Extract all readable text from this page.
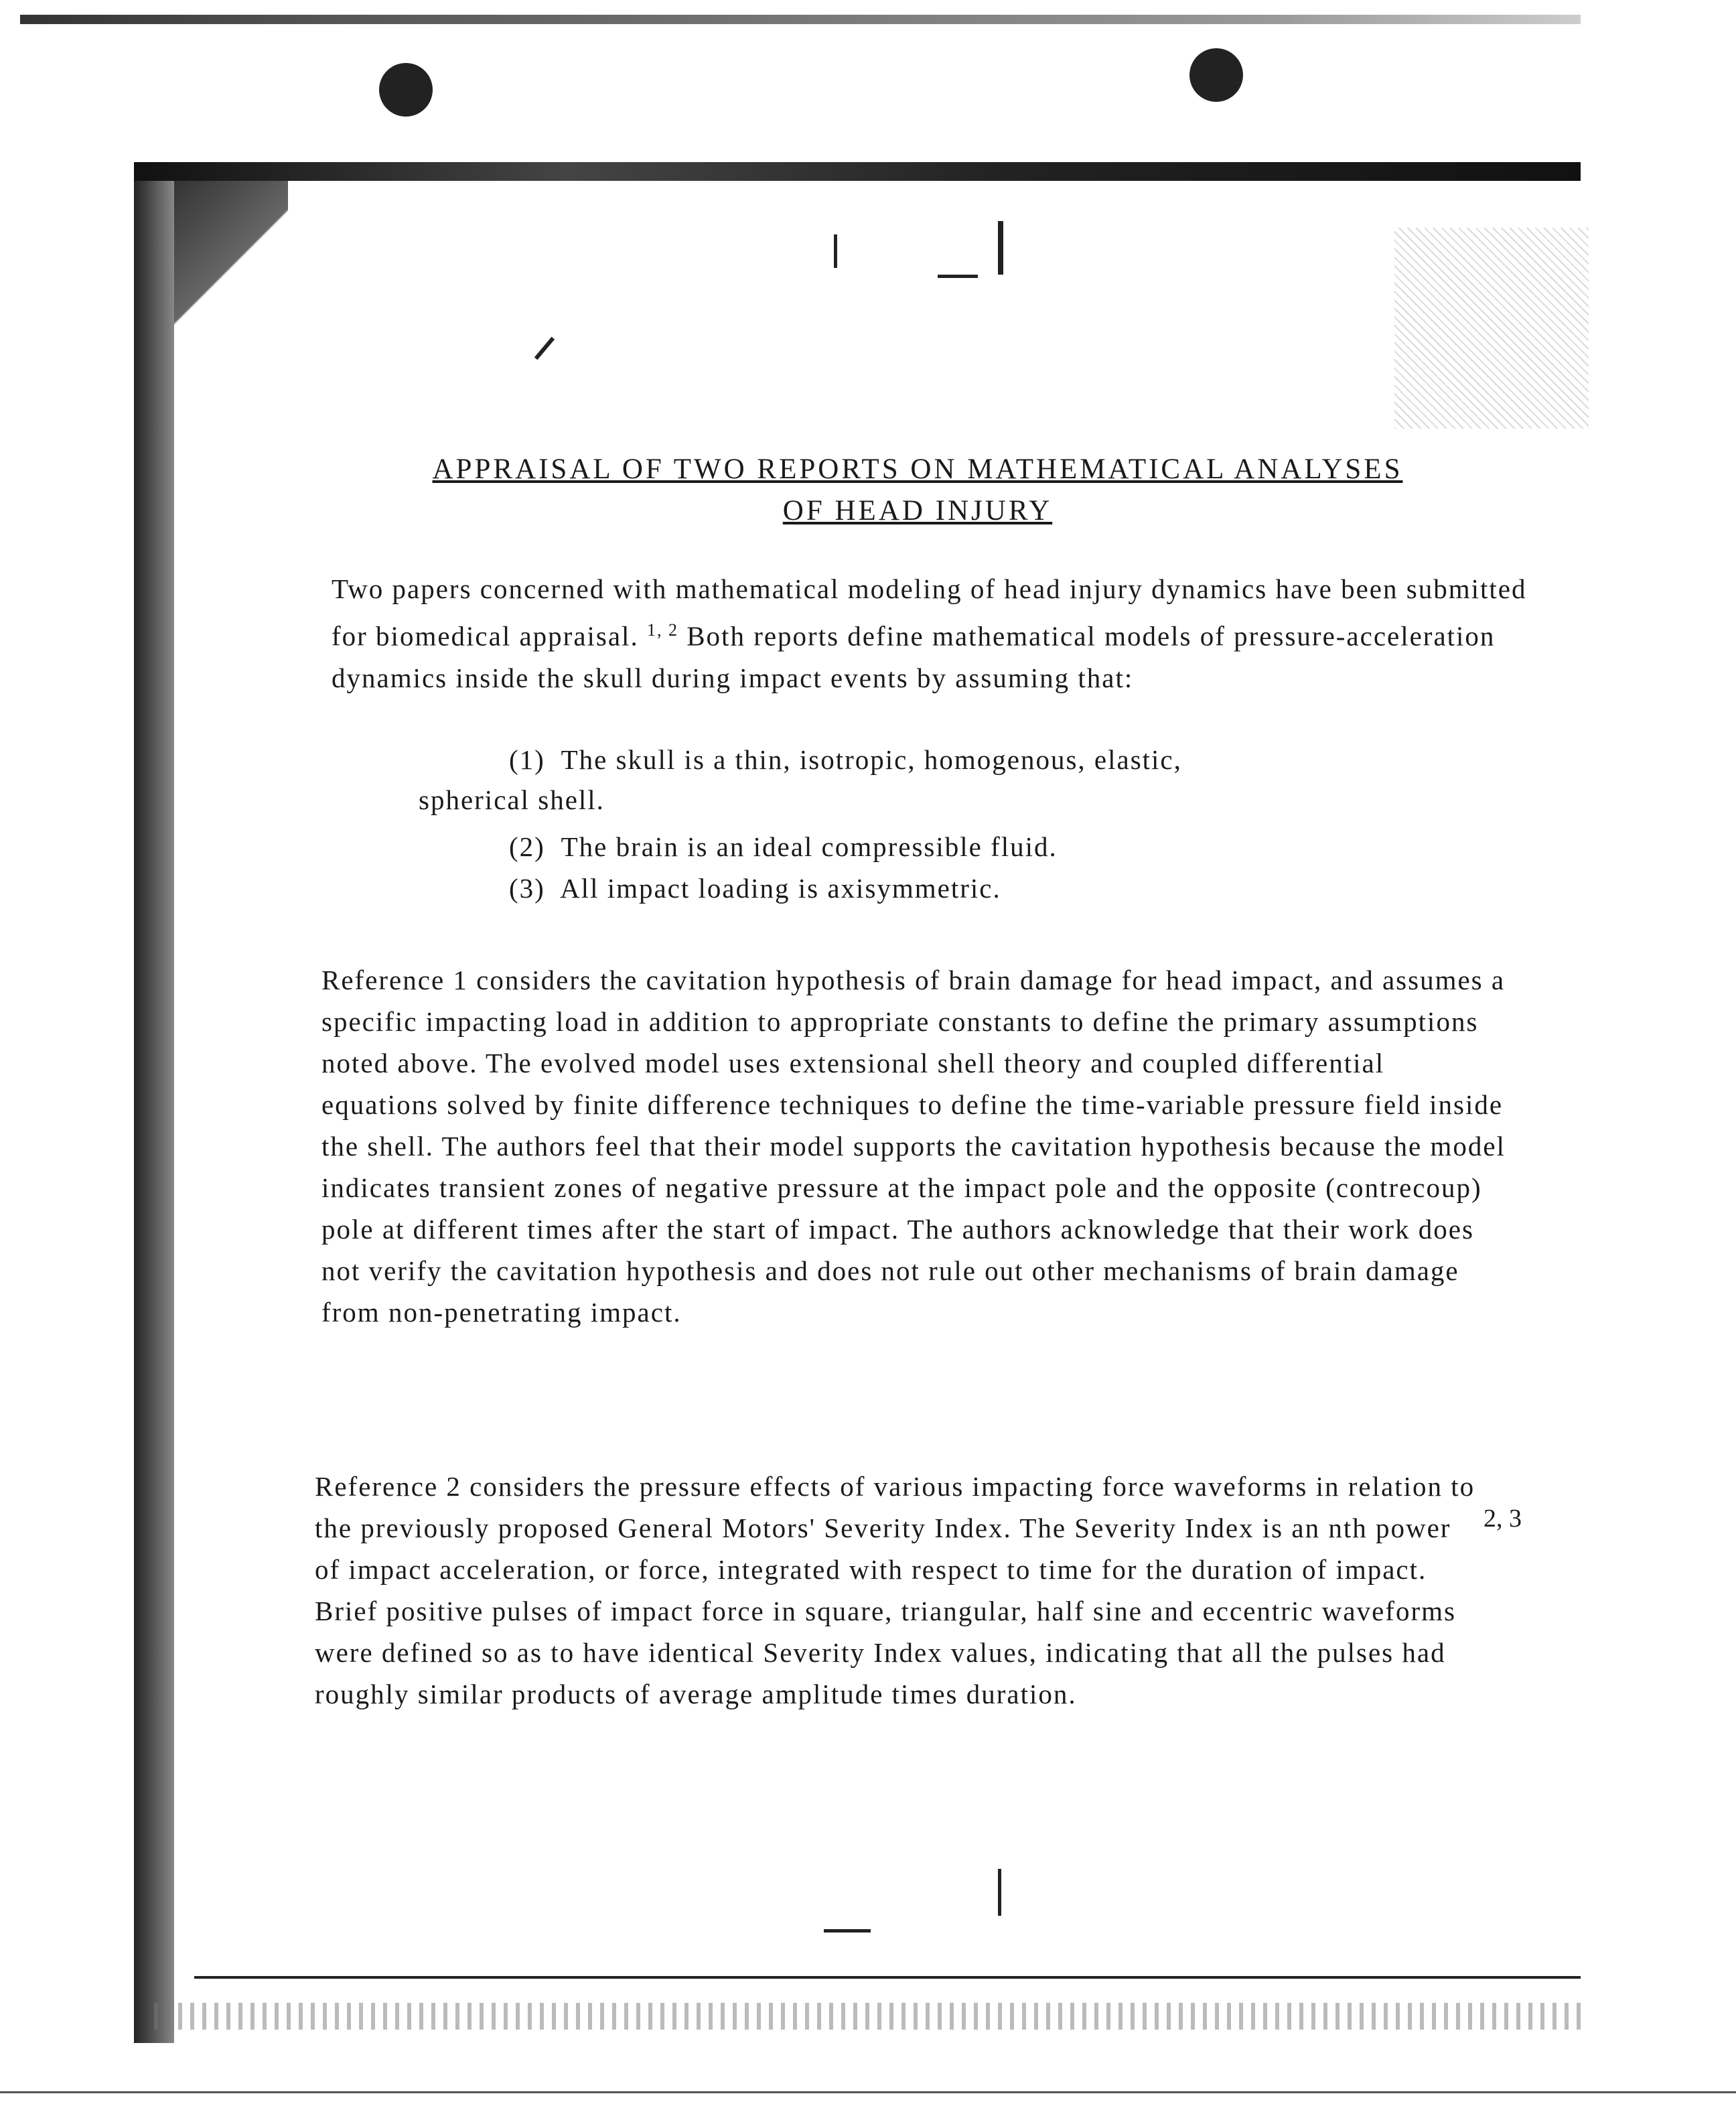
APPRAISAL OF TWO REPORTS ON MATHEMATICAL ANALYSES
OF HEAD INJURY

Two papers concerned with mathematical modeling of head injury dynamics have been submitted for biomedical appraisal. $^{1, 2}$ Both reports define mathematical models of pressure-acceleration dynamics inside the skull during impact events by assuming that:

(1) The skull is a thin, isotropic, homogenous, elastic,
spherical shell.
(2) The brain is an ideal compressible fluid.
(3) All impact loading is axisymmetric.

Reference 1 considers the cavitation hypothesis of brain damage for head impact, and assumes a specific impacting load in addition to appropriate constants to define the primary assumptions noted above. The evolved model uses extensional shell theory and coupled differential equations solved by finite difference techniques to define the time-variable pressure field inside the shell. The authors feel that their model supports the cavitation hypothesis because the model indicates transient zones of negative pressure at the impact pole and the opposite (contrecoup) pole at different times after the start of impact. The authors acknowledge that their work does not verify the cavitation hypothesis and does not rule out other mechanisms of brain damage from non-penetrating impact.

Reference 2 considers the pressure effects of various impacting force waveforms in relation to the previously proposed General Motors' Severity Index. The Severity Index is an nth power of impact acceleration, or force, integrated with respect to time for the duration of impact. Brief positive pulses of impact force in square, triangular, half sine and eccentric waveforms were defined so as to have identical Severity Index values, indicating that all the pulses had roughly similar products of average amplitude times duration.

2, 3
